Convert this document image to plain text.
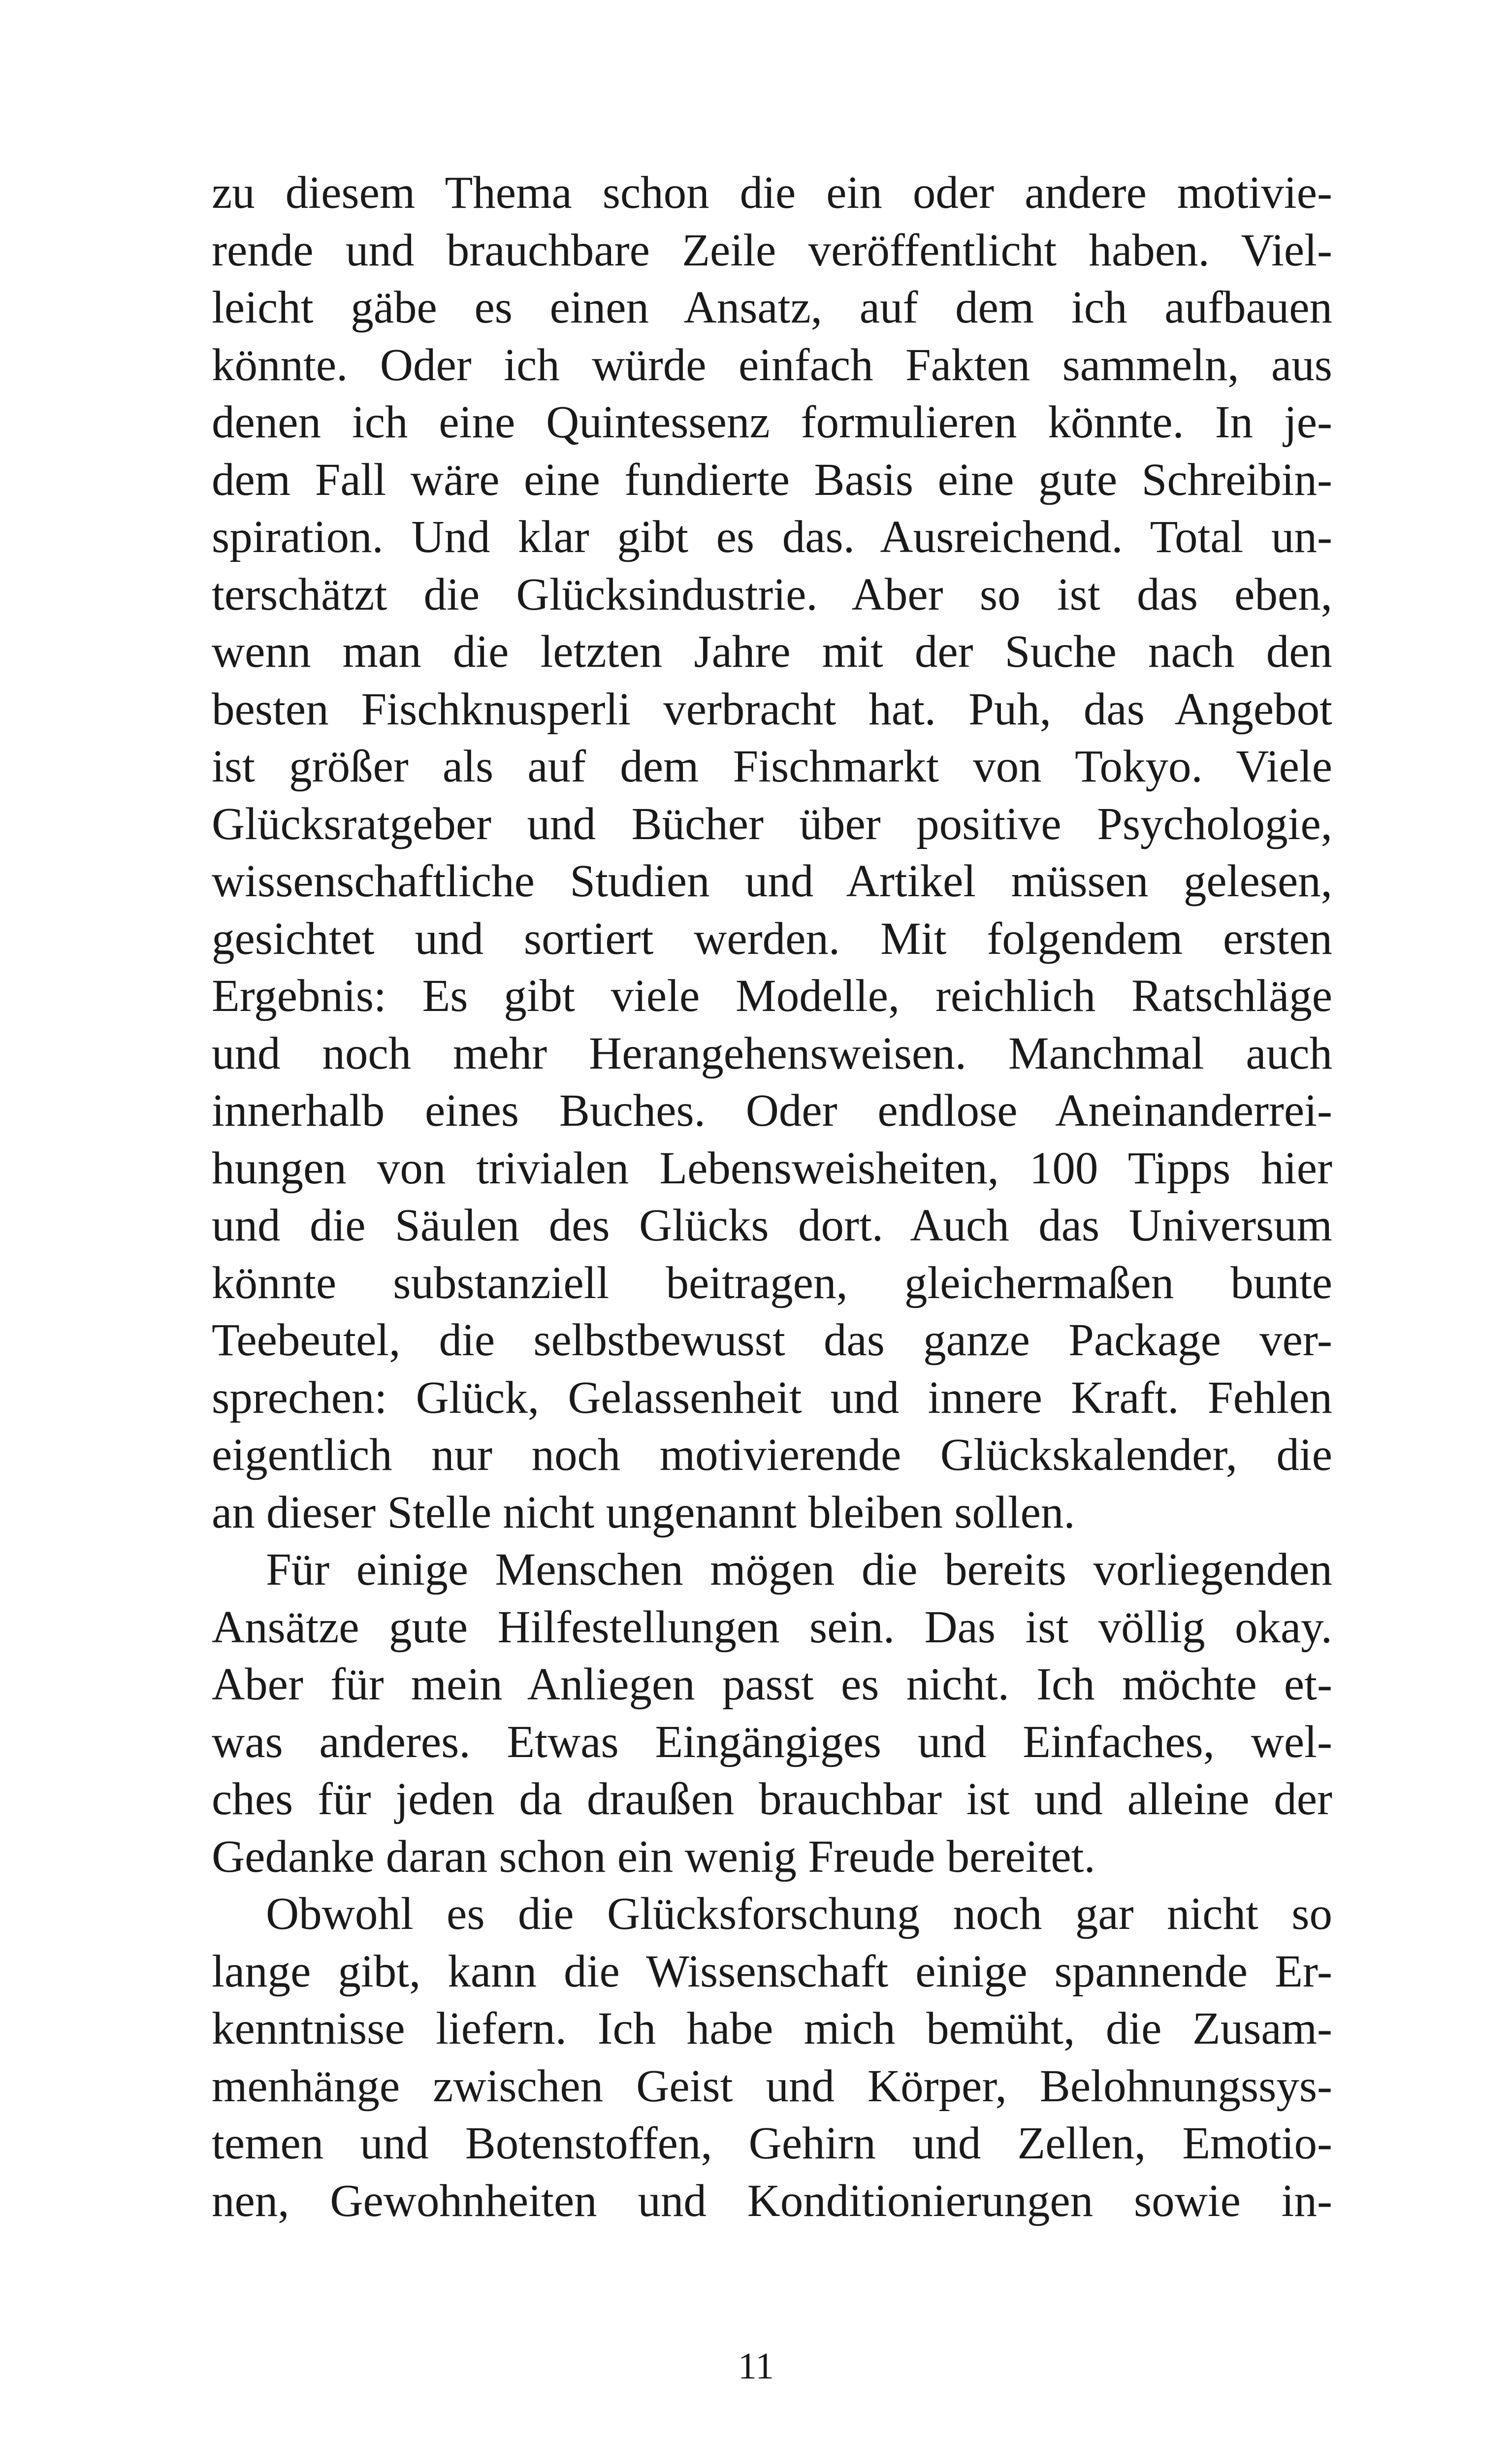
zu diesem Thema schon die ein oder andere motivie-
rende und brauchbare Zeile veröffentlicht haben. Viel-
leicht gäbe es einen Ansatz, auf dem ich aufbauen
könnte. Oder ich würde einfach Fakten sammeln, aus
denen ich eine Quintessenz formulieren könnte. In je-
dem Fall wäre eine fundierte Basis eine gute Schreibin-
spiration. Und klar gibt es das. Ausreichend. Total un-
terschätzt die Glücksindustrie. Aber so ist das eben,
wenn man die letzten Jahre mit der Suche nach den
besten Fischknusperli verbracht hat. Puh, das Angebot
ist größer als auf dem Fischmarkt von Tokyo. Viele
Glücksratgeber und Bücher über positive Psychologie,
wissenschaftliche Studien und Artikel müssen gelesen,
gesichtet und sortiert werden. Mit folgendem ersten
Ergebnis: Es gibt viele Modelle, reichlich Ratschläge
und noch mehr Herangehensweisen. Manchmal auch
innerhalb eines Buches. Oder endlose Aneinanderrei-
hungen von trivialen Lebensweisheiten, 100 Tipps hier
und die Säulen des Glücks dort. Auch das Universum
könnte substanziell beitragen, gleichermaßen bunte
Teebeutel, die selbstbewusst das ganze Package ver-
sprechen: Glück, Gelassenheit und innere Kraft. Fehlen
eigentlich nur noch motivierende Glückskalender, die
an dieser Stelle nicht ungenannt bleiben sollen.
Für einige Menschen mögen die bereits vorliegenden
Ansätze gute Hilfestellungen sein. Das ist völlig okay.
Aber für mein Anliegen passt es nicht. Ich möchte et-
was anderes. Etwas Eingängiges und Einfaches, wel-
ches für jeden da draußen brauchbar ist und alleine der
Gedanke daran schon ein wenig Freude bereitet.
Obwohl es die Glücksforschung noch gar nicht so
lange gibt, kann die Wissenschaft einige spannende Er-
kenntnisse liefern. Ich habe mich bemüht, die Zusam-
menhänge zwischen Geist und Körper, Belohnungssys-
temen und Botenstoffen, Gehirn und Zellen, Emotio-
nen, Gewohnheiten und Konditionierungen sowie in-
11
